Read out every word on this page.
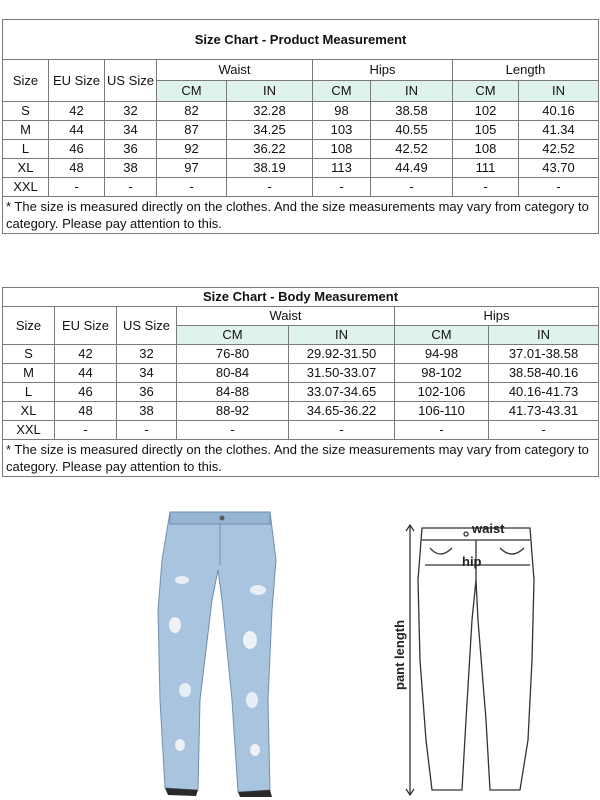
Size Chart - Product Measurement								
Size	EU Size	US Size	Waist		Hips		Length	
			CM	IN	CM	IN	CM	IN
S	42	32	82	32.28	98	38.58	102	40.16
M	44	34	87	34.25	103	40.55	105	41.34
L	46	36	92	36.22	108	42.52	108	42.52
XL	48	38	97	38.19	113	44.49	111	43.70
XXL	-	-	-	-	-	-	-	-
* The size is measured directly on the clothes. And the size measurements may vary from category to category. Please pay attention to this.								
Size Chart - Body Measurement						
Size	EU Size	US Size	Waist		Hips	
			CM	IN	CM	IN
S	42	32	76-80	29.92-31.50	94-98	37.01-38.58
M	44	34	80-84	31.50-33.07	98-102	38.58-40.16
L	46	36	84-88	33.07-34.65	102-106	40.16-41.73
XL	48	38	88-92	34.65-36.22	106-110	41.73-43.31
XXL	-	-	-	-	-	-
* The size is measured directly on the clothes. And the size measurements may vary from category to category. Please pay attention to this.						
waist
hip
pant length
